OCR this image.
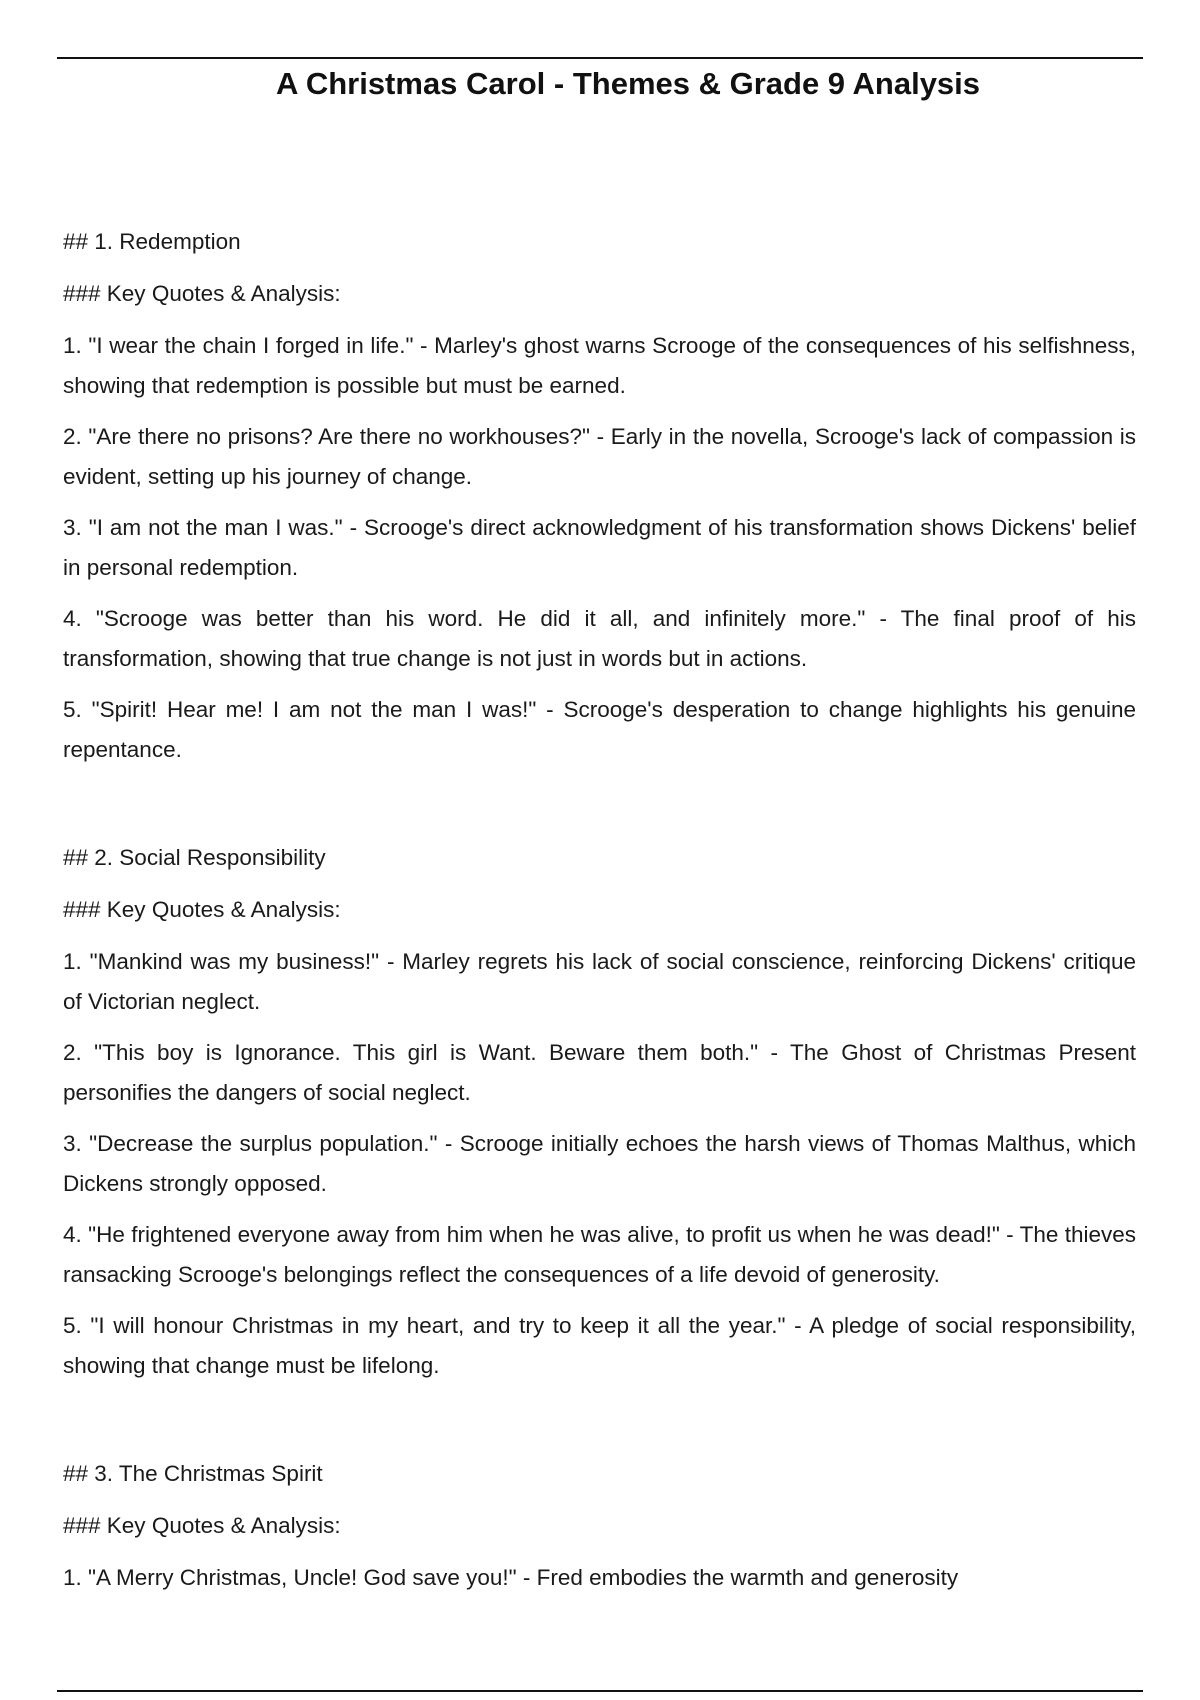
A Christmas Carol - Themes & Grade 9 Analysis

## 1. Redemption

### Key Quotes & Analysis:

1. "I wear the chain I forged in life." - Marley's ghost warns Scrooge of the consequences of his selfishness, showing that redemption is possible but must be earned.

2. "Are there no prisons? Are there no workhouses?" - Early in the novella, Scrooge's lack of compassion is evident, setting up his journey of change.

3. "I am not the man I was." - Scrooge's direct acknowledgment of his transformation shows Dickens' belief in personal redemption.

4. "Scrooge was better than his word. He did it all, and infinitely more." - The final proof of his transformation, showing that true change is not just in words but in actions.

5. "Spirit! Hear me! I am not the man I was!" - Scrooge's desperation to change highlights his genuine repentance.

## 2. Social Responsibility

### Key Quotes & Analysis:

1. "Mankind was my business!" - Marley regrets his lack of social conscience, reinforcing Dickens' critique of Victorian neglect.

2. "This boy is Ignorance. This girl is Want. Beware them both." - The Ghost of Christmas Present personifies the dangers of social neglect.

3. "Decrease the surplus population." - Scrooge initially echoes the harsh views of Thomas Malthus, which Dickens strongly opposed.

4. "He frightened everyone away from him when he was alive, to profit us when he was dead!" - The thieves ransacking Scrooge's belongings reflect the consequences of a life devoid of generosity.

5. "I will honour Christmas in my heart, and try to keep it all the year." - A pledge of social responsibility, showing that change must be lifelong.

## 3. The Christmas Spirit

### Key Quotes & Analysis:

1. "A Merry Christmas, Uncle! God save you!" - Fred embodies the warmth and generosity
